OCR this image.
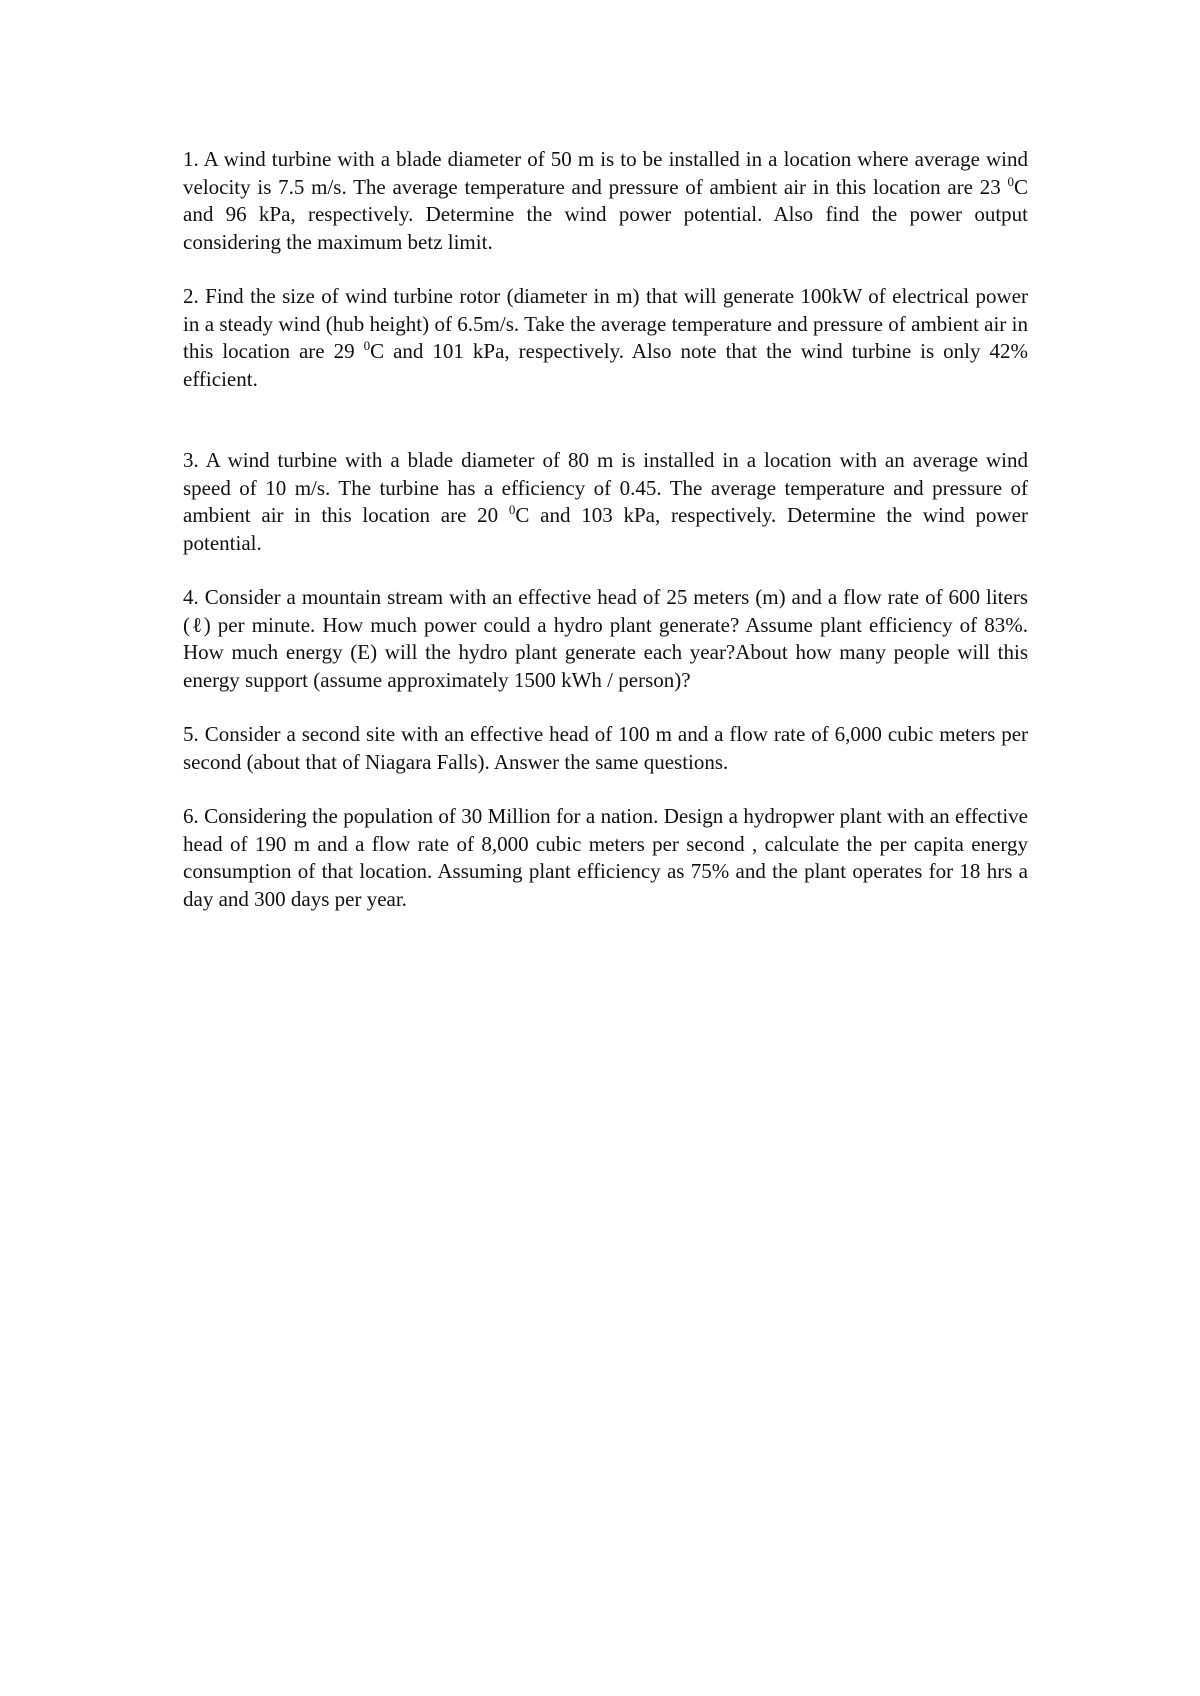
1. A wind turbine with a blade diameter of 50 m is to be installed in a location where average wind velocity is 7.5 m/s. The average temperature and pressure of ambient air in this location are 23 $^0$C and 96 kPa, respectively. Determine the wind power potential. Also find the power output considering the maximum betz limit.

2. Find the size of wind turbine rotor (diameter in m) that will generate 100kW of electrical power in a steady wind (hub height) of 6.5m/s. Take the average temperature and pressure of ambient air in this location are 29 $^0$C and 101 kPa, respectively. Also note that the wind turbine is only 42% efficient.

3. A wind turbine with a blade diameter of 80 m is installed in a location with an average wind speed of 10 m/s. The turbine has a efficiency of 0.45. The average temperature and pressure of ambient air in this location are 20 $^0$C and 103 kPa, respectively. Determine the wind power potential.

4. Consider a mountain stream with an effective head of 25 meters (m) and a flow rate of 600 liters (ℓ) per minute. How much power could a hydro plant generate? Assume plant efficiency of 83%. How much energy (E) will the hydro plant generate each year?About how many people will this energy support (assume approximately 1500 kWh / person)?

5. Consider a second site with an effective head of 100 m and a flow rate of 6,000 cubic meters per second (about that of Niagara Falls). Answer the same questions.

6. Considering the population of 30 Million for a nation. Design a hydropwer plant with an effective head of 190 m and a flow rate of 8,000 cubic meters per second , calculate the per capita energy consumption of that location. Assuming plant efficiency as 75% and the plant operates for 18 hrs a day and 300 days per year.
